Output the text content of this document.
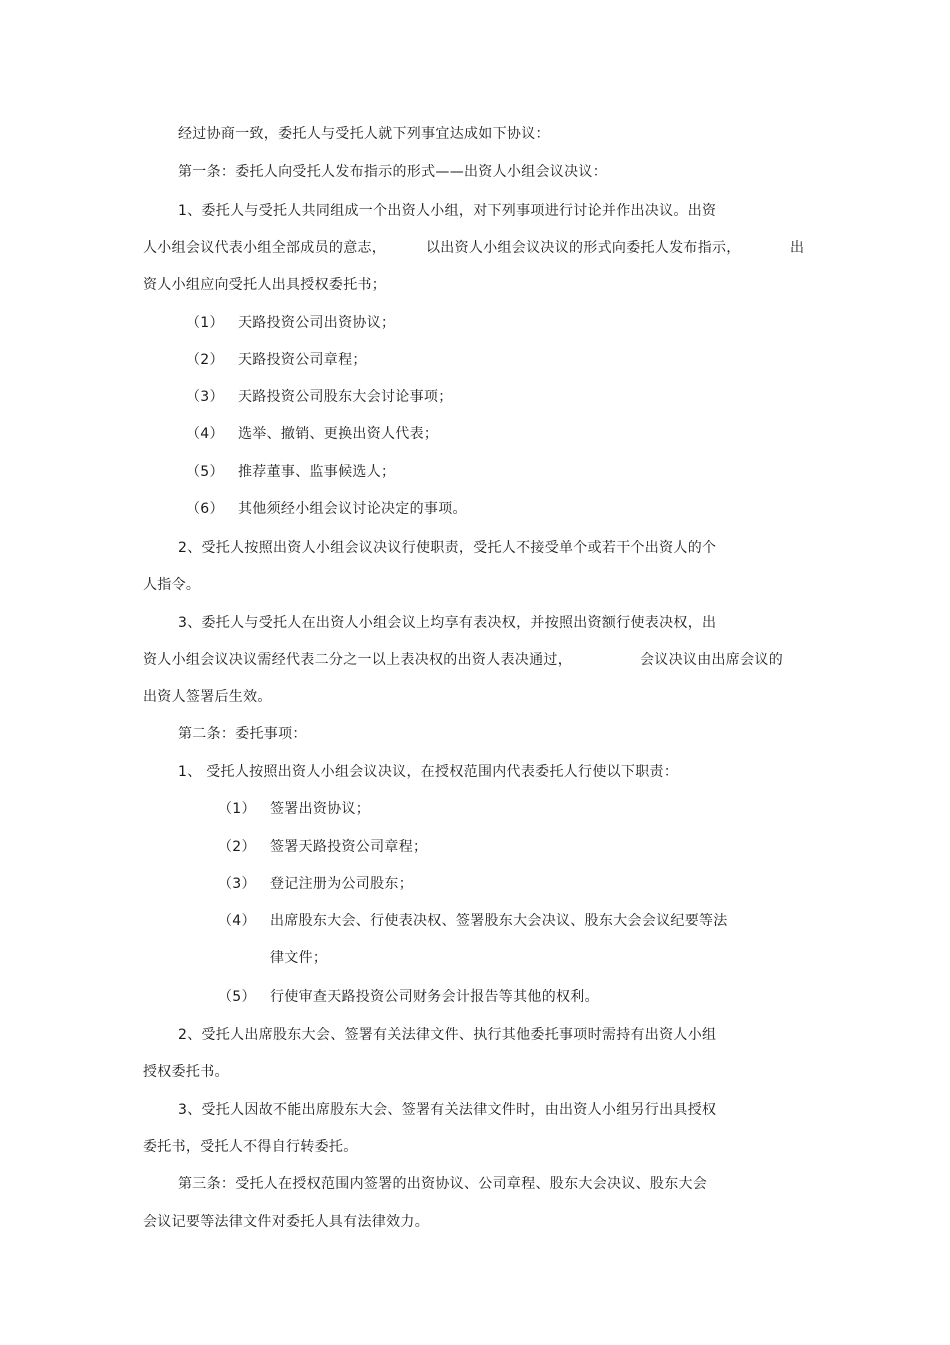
经过协商一致，委托人与受托人就下列事宜达成如下协议：
第一条：委托人向受托人发布指示的形式——出资人小组会议决议：
1、委托人与受托人共同组成一个出资人小组，对下列事项进行讨论并作出决议。出资
人小组会议代表小组全部成员的意志，	以出资人小组会议决议的形式向委托人发布指示，	出
资人小组应向受托人出具授权委托书；
（1） 天路投资公司出资协议；
（2） 天路投资公司章程；
（3） 天路投资公司股东大会讨论事项；
（4） 选举、撤销、更换出资人代表；
（5） 推荐董事、监事候选人；
（6） 其他须经小组会议讨论决定的事项。
2、受托人按照出资人小组会议决议行使职责，受托人不接受单个或若干个出资人的个
人指令。
3、委托人与受托人在出资人小组会议上均享有表决权，并按照出资额行使表决权，出
资人小组会议决议需经代表二分之一以上表决权的出资人表决通过，	会议决议由出席会议的
出资人签署后生效。
第二条：委托事项：
1、 受托人按照出资人小组会议决议，在授权范围内代表委托人行使以下职责：
（1） 签署出资协议；
（2） 签署天路投资公司章程；
（3） 登记注册为公司股东；
（4） 出席股东大会、行使表决权、签署股东大会决议、股东大会会议纪要等法
律文件；
（5） 行使审查天路投资公司财务会计报告等其他的权利。
2、受托人出席股东大会、签署有关法律文件、执行其他委托事项时需持有出资人小组
授权委托书。
3、受托人因故不能出席股东大会、签署有关法律文件时，由出资人小组另行出具授权
委托书，受托人不得自行转委托。
第三条：受托人在授权范围内签署的出资协议、公司章程、股东大会决议、股东大会
会议记要等法律文件对委托人具有法律效力。
